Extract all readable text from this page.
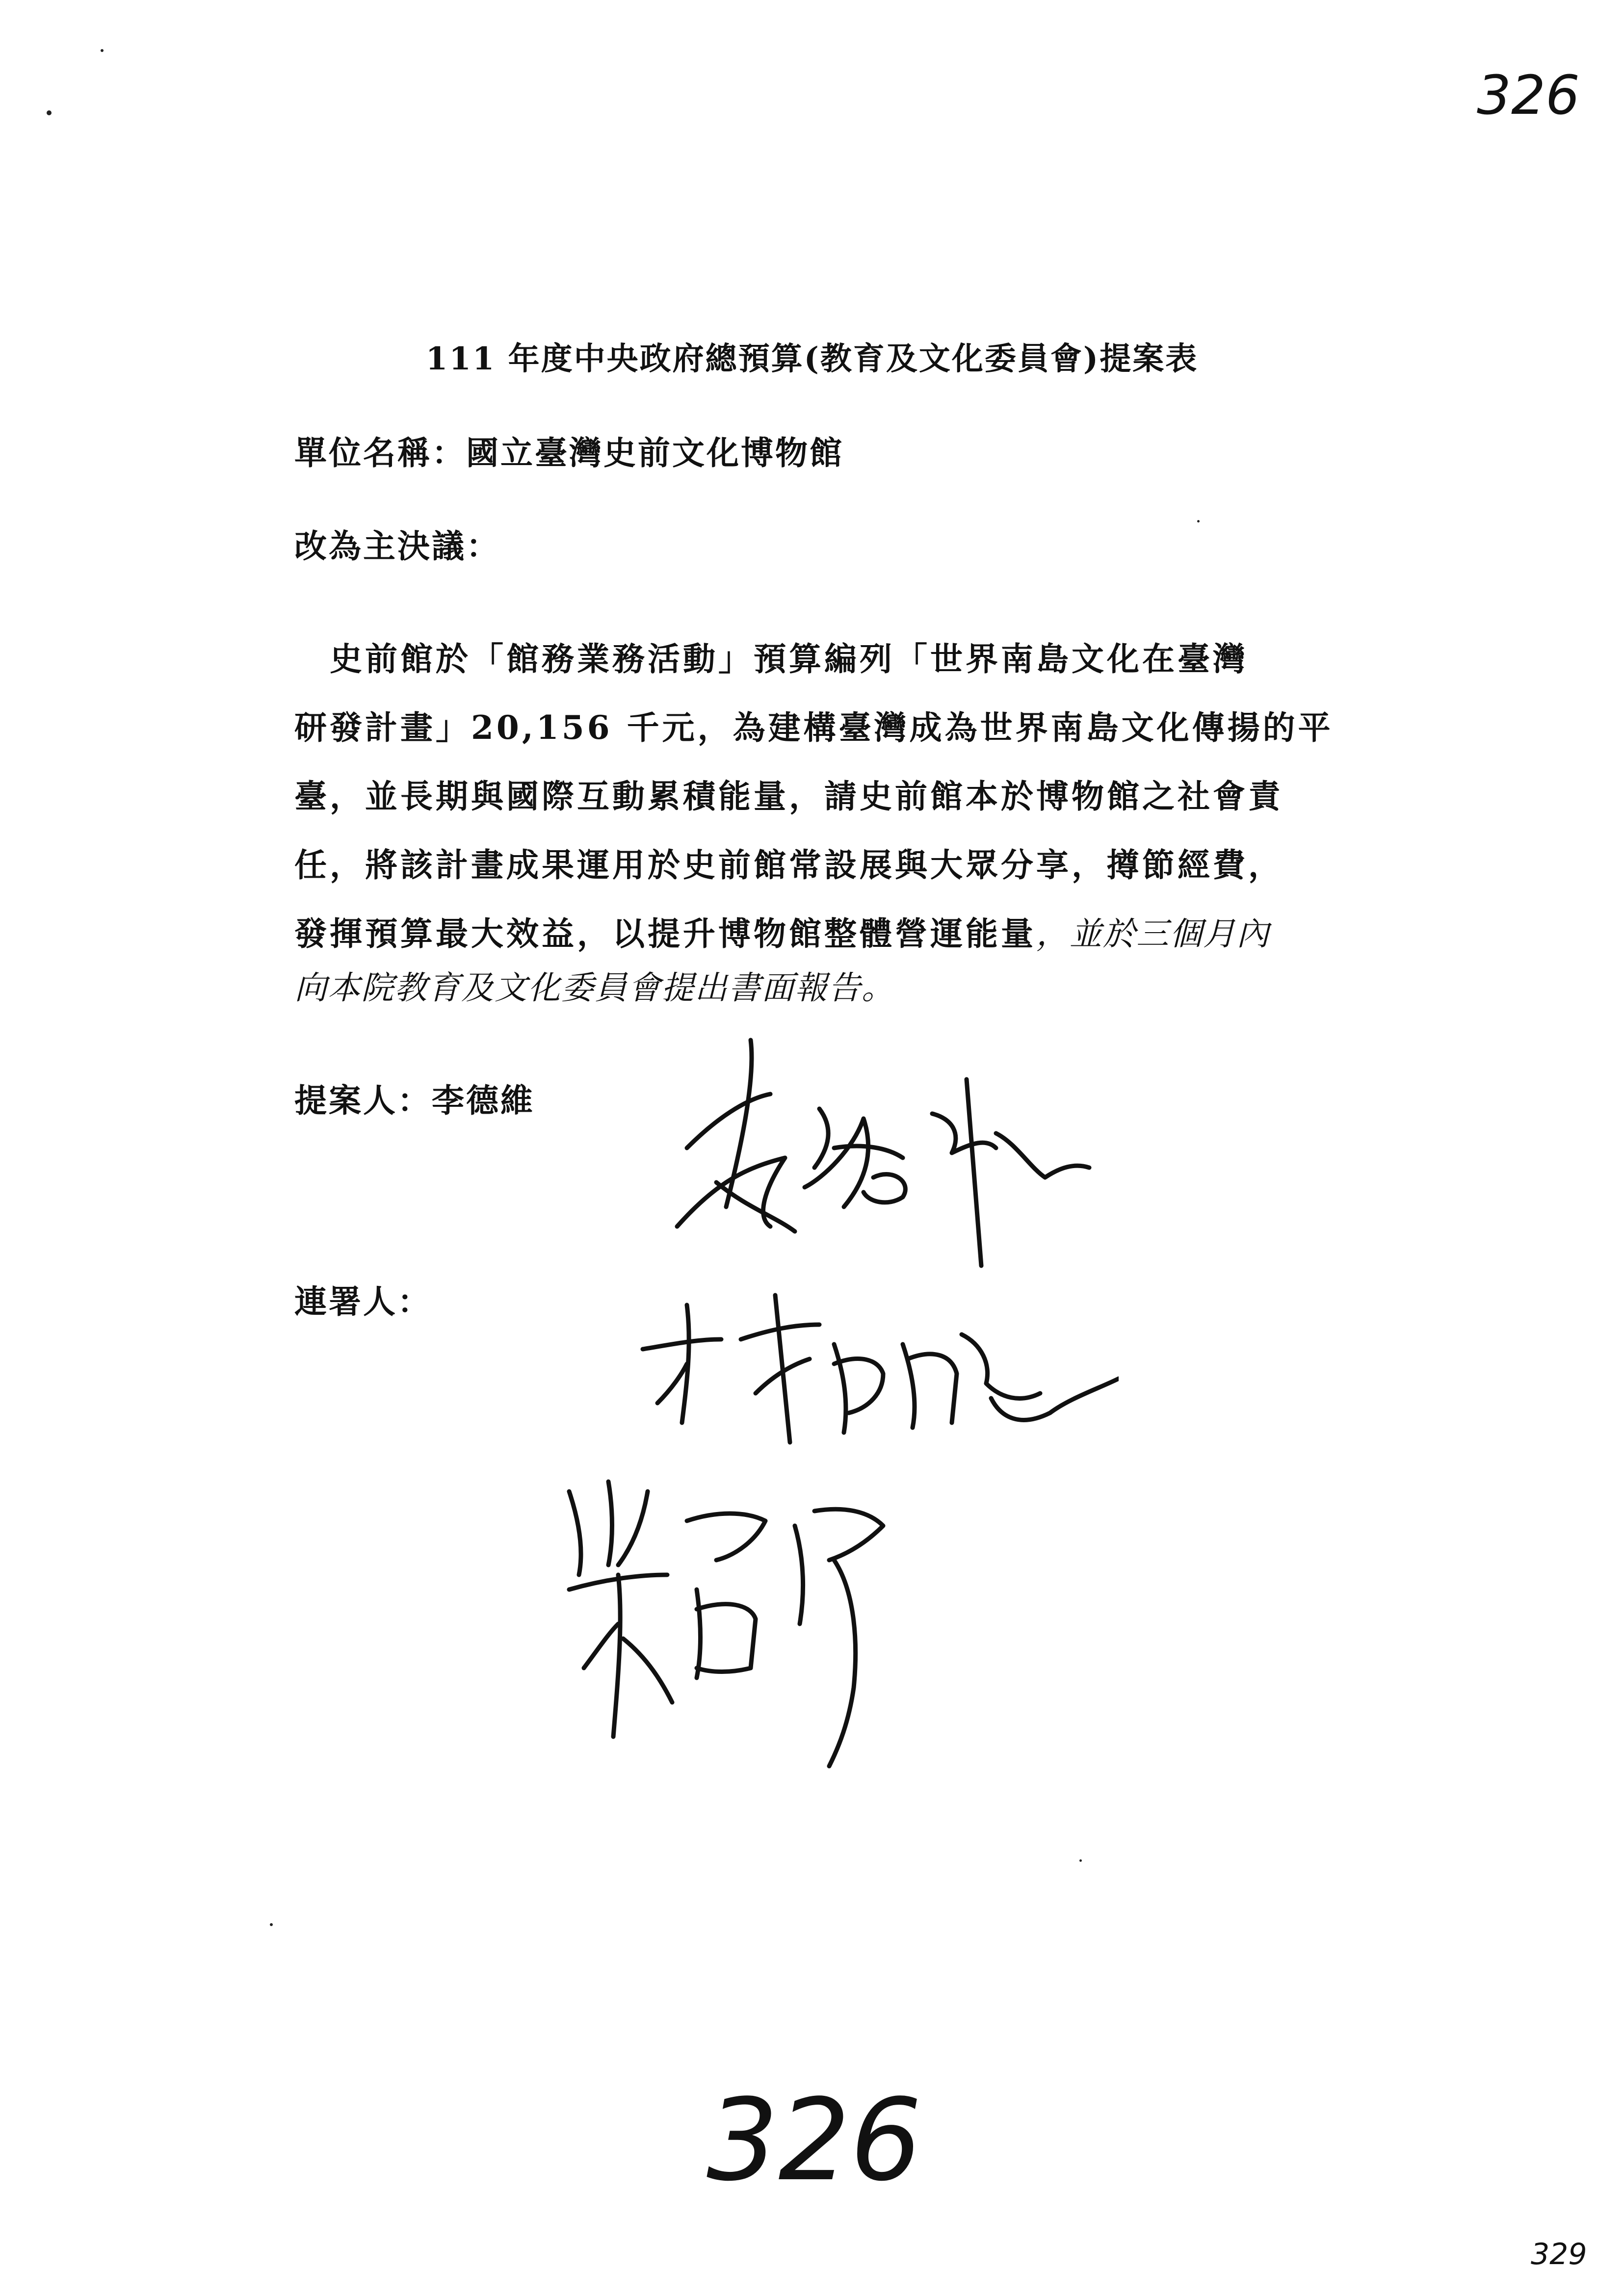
326
111 年度中央政府總預算(教育及文化委員會)提案表
單位名稱：國立臺灣史前文化博物館
改為主決議：
　史前館於「館務業務活動」預算編列「世界南島文化在臺灣
研發計畫」20,156 千元，為建構臺灣成為世界南島文化傳揚的平
臺，並長期與國際互動累積能量，請史前館本於博物館之社會責
任，將該計畫成果運用於史前館常設展與大眾分享，撙節經費，
發揮預算最大效益，以提升博物館整體營運能量，並於三個月內
向本院教育及文化委員會提出書面報告。
提案人：李德維
連署人：
326
329
